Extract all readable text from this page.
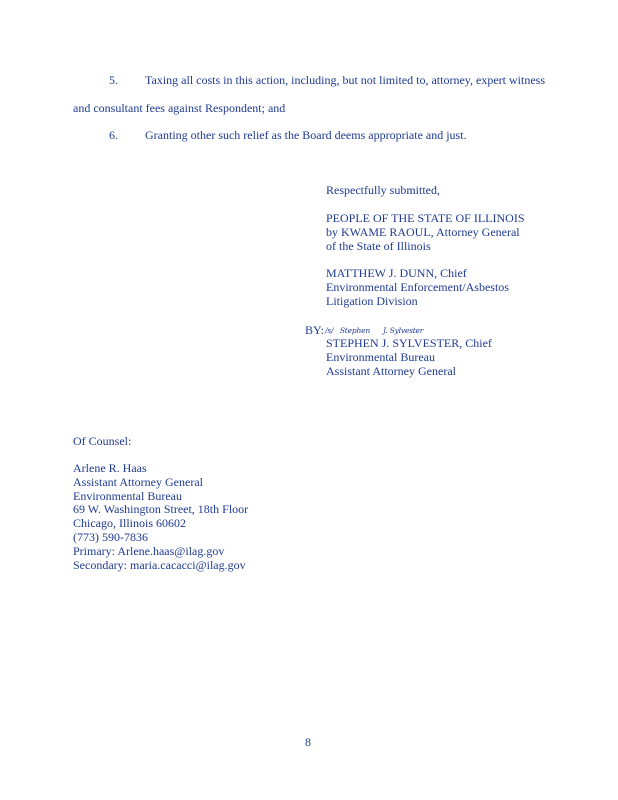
5. Taxing all costs in this action, including, but not limited to, attorney, expert witness
and consultant fees against Respondent; and
6. Granting other such relief as the Board deems appropriate and just.
Respectfully submitted,
PEOPLE OF THE STATE OF ILLINOIS
by KWAME RAOUL, Attorney General
of the State of Illinois
MATTHEW J. DUNN, Chief
Environmental Enforcement/Asbestos
Litigation Division
BY: /s/   Stephen      J. Sylvester
STEPHEN J. SYLVESTER, Chief
Environmental Bureau
Assistant Attorney General
Of Counsel:
Arlene R. Haas
Assistant Attorney General
Environmental Bureau
69 W. Washington Street, 18th Floor
Chicago, Illinois 60602
(773) 590-7836
Primary: Arlene.haas@ilag.gov
Secondary: maria.cacacci@ilag.gov
8
